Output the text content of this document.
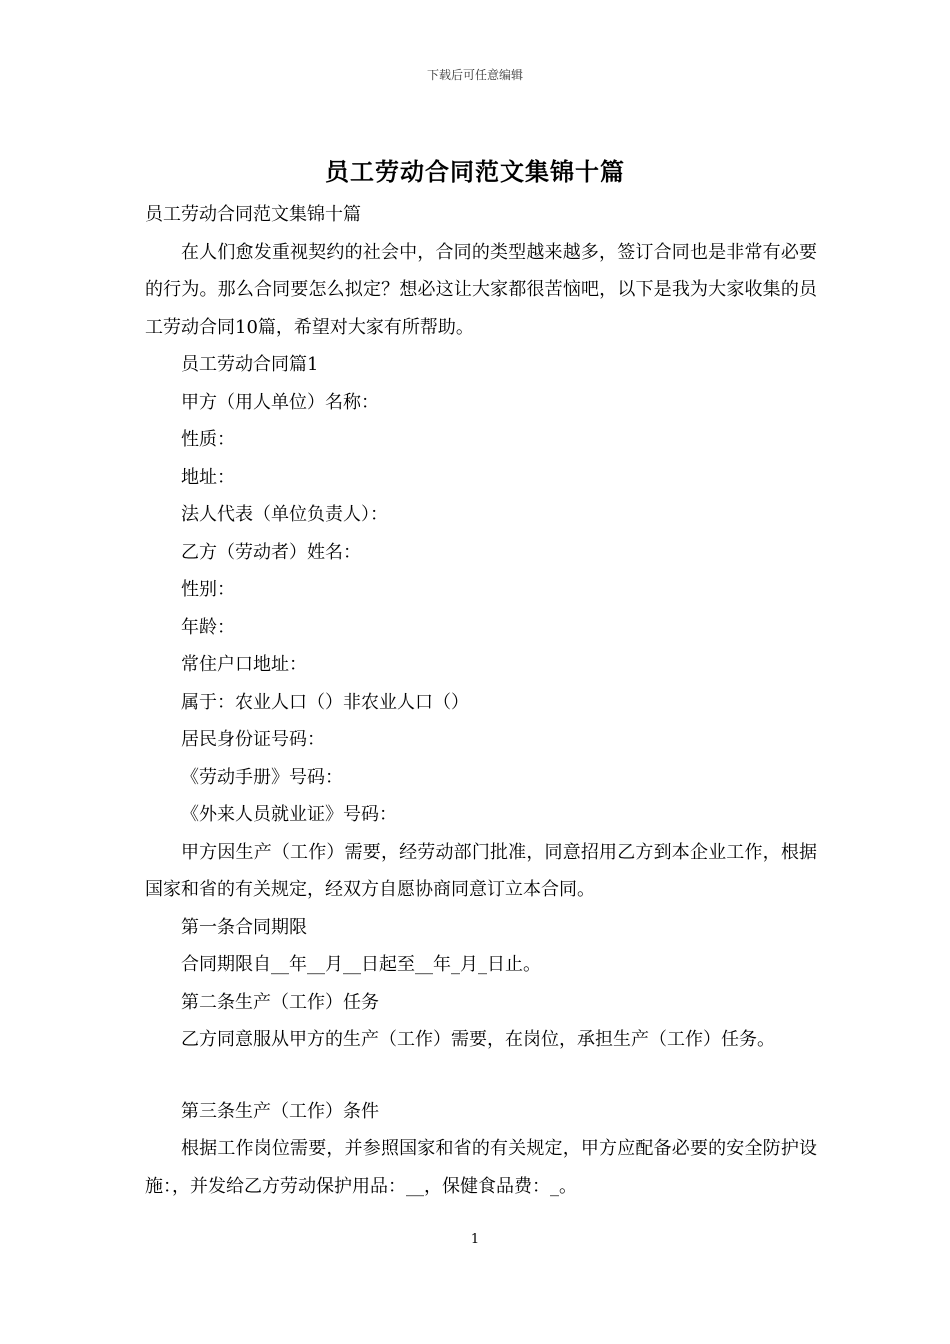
下载后可任意编辑
员工劳动合同范文集锦十篇

员工劳动合同范文集锦十篇

在人们愈发重视契约的社会中，合同的类型越来越多，签订合同也是非常有必要的行为。那么合同要怎么拟定？想必这让大家都很苦恼吧，以下是我为大家收集的员工劳动合同10篇，希望对大家有所帮助。

员工劳动合同篇1

甲方（用人单位）名称：

性质：

地址：

法人代表（单位负责人）：

乙方（劳动者）姓名：

性别：

年龄：

常住户口地址：

属于：农业人口（）非农业人口（）

居民身份证号码：

《劳动手册》号码：

《外来人员就业证》号码：

甲方因生产（工作）需要，经劳动部门批准，同意招用乙方到本企业工作，根据国家和省的有关规定，经双方自愿协商同意订立本合同。

第一条合同期限

合同期限自__年__月__日起至__年_月_日止。

第二条生产（工作）任务

乙方同意服从甲方的生产（工作）需要，在岗位，承担生产（工作）任务。

第三条生产（工作）条件

根据工作岗位需要，并参照国家和省的有关规定，甲方应配备必要的安全防护设施：，并发给乙方劳动保护用品：__，保健食品费：_。

1
